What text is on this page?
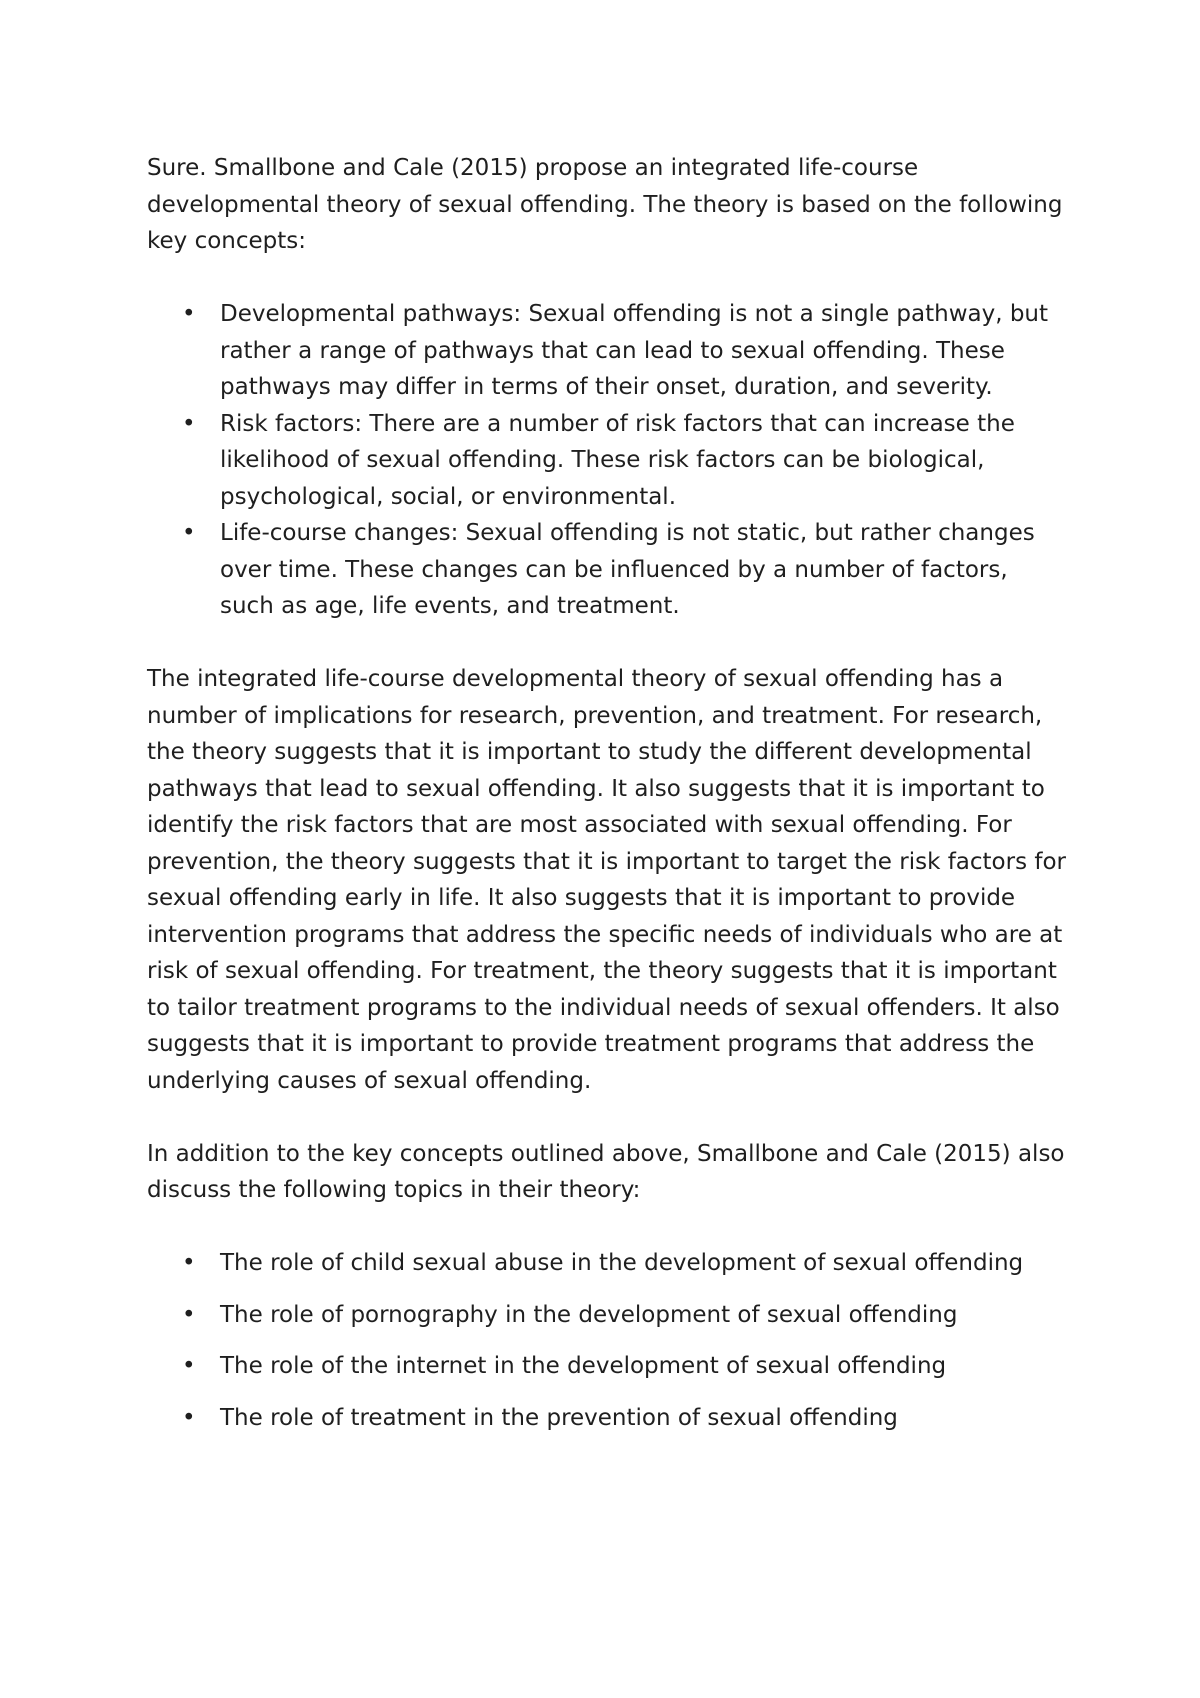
Sure. Smallbone and Cale (2015) propose an integrated life-course developmental theory of sexual offending. The theory is based on the following key concepts:

• Developmental pathways: Sexual offending is not a single pathway, but rather a range of pathways that can lead to sexual offending. These pathways may differ in terms of their onset, duration, and severity.
• Risk factors: There are a number of risk factors that can increase the likelihood of sexual offending. These risk factors can be biological, psychological, social, or environmental.
• Life-course changes: Sexual offending is not static, but rather changes over time. These changes can be influenced by a number of factors, such as age, life events, and treatment.

The integrated life-course developmental theory of sexual offending has a number of implications for research, prevention, and treatment. For research, the theory suggests that it is important to study the different developmental pathways that lead to sexual offending. It also suggests that it is important to identify the risk factors that are most associated with sexual offending. For prevention, the theory suggests that it is important to target the risk factors for sexual offending early in life. It also suggests that it is important to provide intervention programs that address the specific needs of individuals who are at risk of sexual offending. For treatment, the theory suggests that it is important to tailor treatment programs to the individual needs of sexual offenders. It also suggests that it is important to provide treatment programs that address the underlying causes of sexual offending.

In addition to the key concepts outlined above, Smallbone and Cale (2015) also discuss the following topics in their theory:

• The role of child sexual abuse in the development of sexual offending
• The role of pornography in the development of sexual offending
• The role of the internet in the development of sexual offending
• The role of treatment in the prevention of sexual offending
